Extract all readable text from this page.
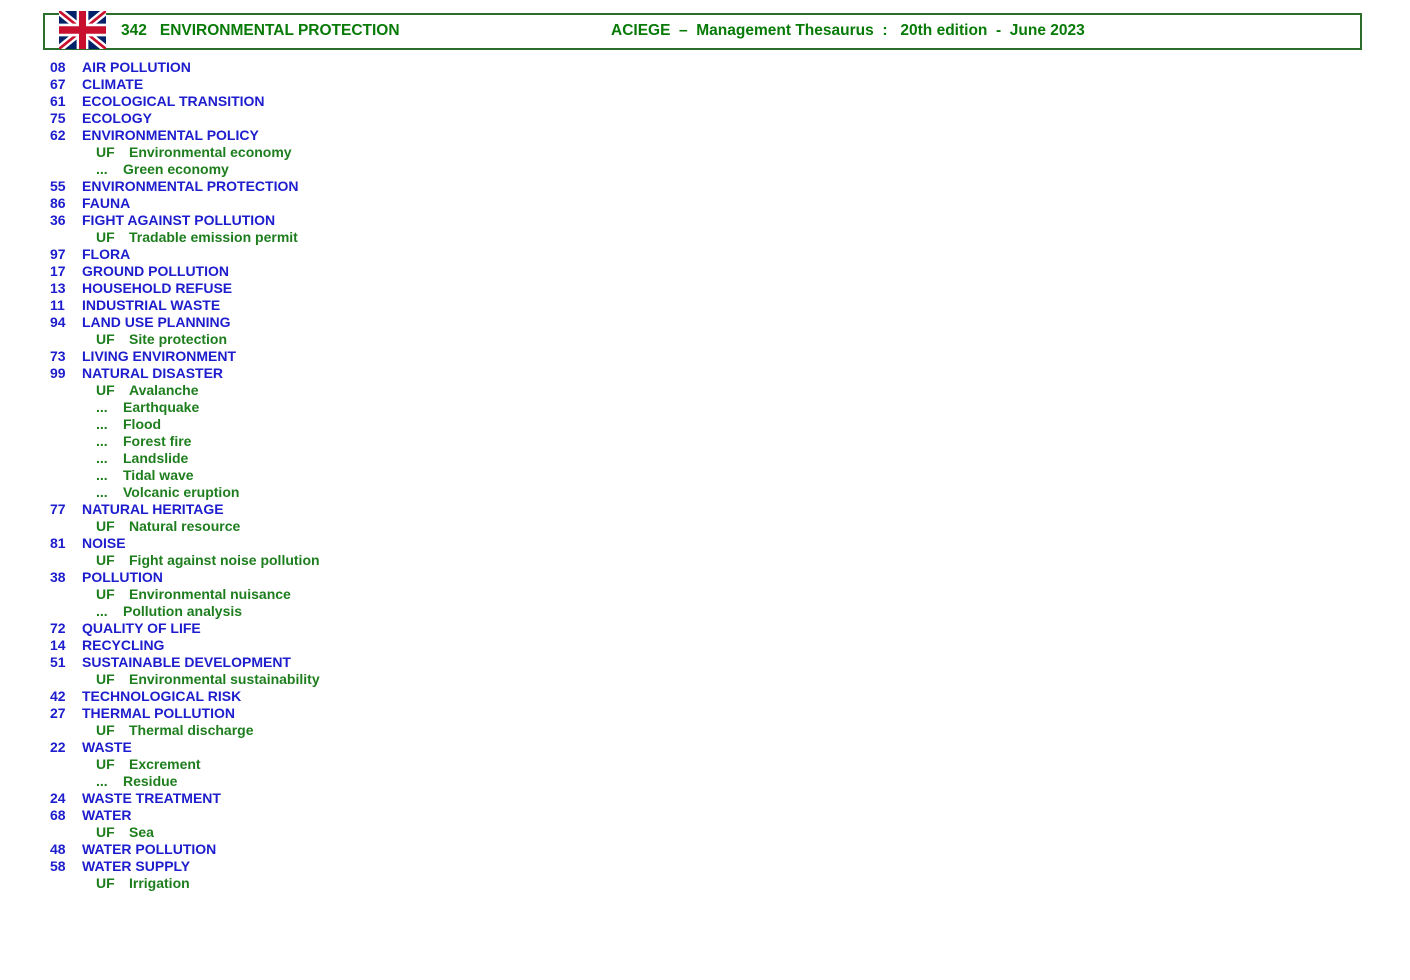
342 ENVIRONMENTAL PROTECTION	ACIEGE  –  Management Thesaurus  :   20th edition  -  June 2023
08 AIR POLLUTION
67 CLIMATE
61 ECOLOGICAL TRANSITION
75 ECOLOGY
62 ENVIRONMENTAL POLICY
UF Environmental economy
... Green economy
55 ENVIRONMENTAL PROTECTION
86 FAUNA
36 FIGHT AGAINST POLLUTION
UF Tradable emission permit
97 FLORA
17 GROUND POLLUTION
13 HOUSEHOLD REFUSE
11 INDUSTRIAL WASTE
94 LAND USE PLANNING
UF Site protection
73 LIVING ENVIRONMENT
99 NATURAL DISASTER
UF Avalanche
... Earthquake
... Flood
... Forest fire
... Landslide
... Tidal wave
... Volcanic eruption
77 NATURAL HERITAGE
UF Natural resource
81 NOISE
UF Fight against noise pollution
38 POLLUTION
UF Environmental nuisance
... Pollution analysis
72 QUALITY OF LIFE
14 RECYCLING
51 SUSTAINABLE DEVELOPMENT
UF Environmental sustainability
42 TECHNOLOGICAL RISK
27 THERMAL POLLUTION
UF Thermal discharge
22 WASTE
UF Excrement
... Residue
24 WASTE TREATMENT
68 WATER
UF Sea
48 WATER POLLUTION
58 WATER SUPPLY
UF Irrigation
